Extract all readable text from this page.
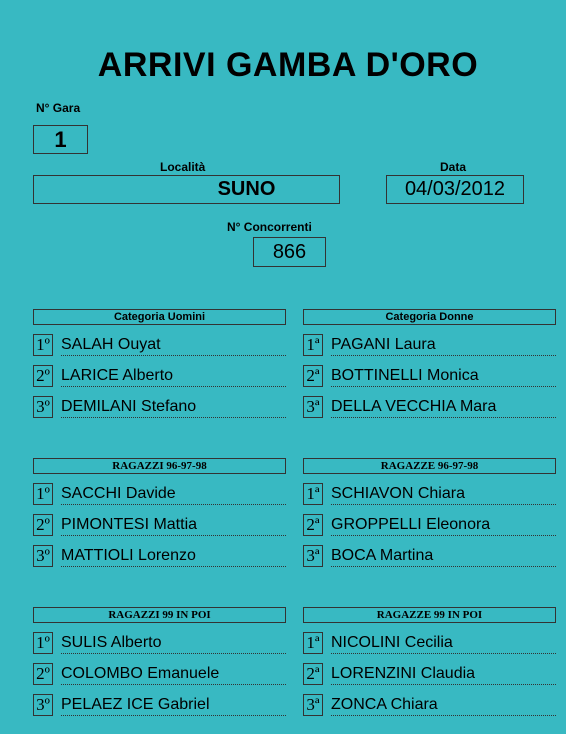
ARRIVI GAMBA D'ORO
N° Gara
1
Località
SUNO
Data
04/03/2012
N° Concorrenti
866
Categoria Uomini	Categoria Donne
1º SALAH Ouyat
2º LARICE Alberto
3º DEMILANI Stefano
1ª PAGANI Laura
2ª BOTTINELLI Monica
3ª DELLA VECCHIA Mara
RAGAZZI 96-97-98	RAGAZZE 96-97-98
1º SACCHI Davide
2º PIMONTESI Mattia
3º MATTIOLI Lorenzo
1ª SCHIAVON Chiara
2ª GROPPELLI Eleonora
3ª BOCA Martina
RAGAZZI 99 IN POI	RAGAZZE 99 IN POI
1º SULIS Alberto
2º COLOMBO Emanuele
3º PELAEZ ICE Gabriel
1ª NICOLINI Cecilia
2ª LORENZINI Claudia
3ª ZONCA Chiara
